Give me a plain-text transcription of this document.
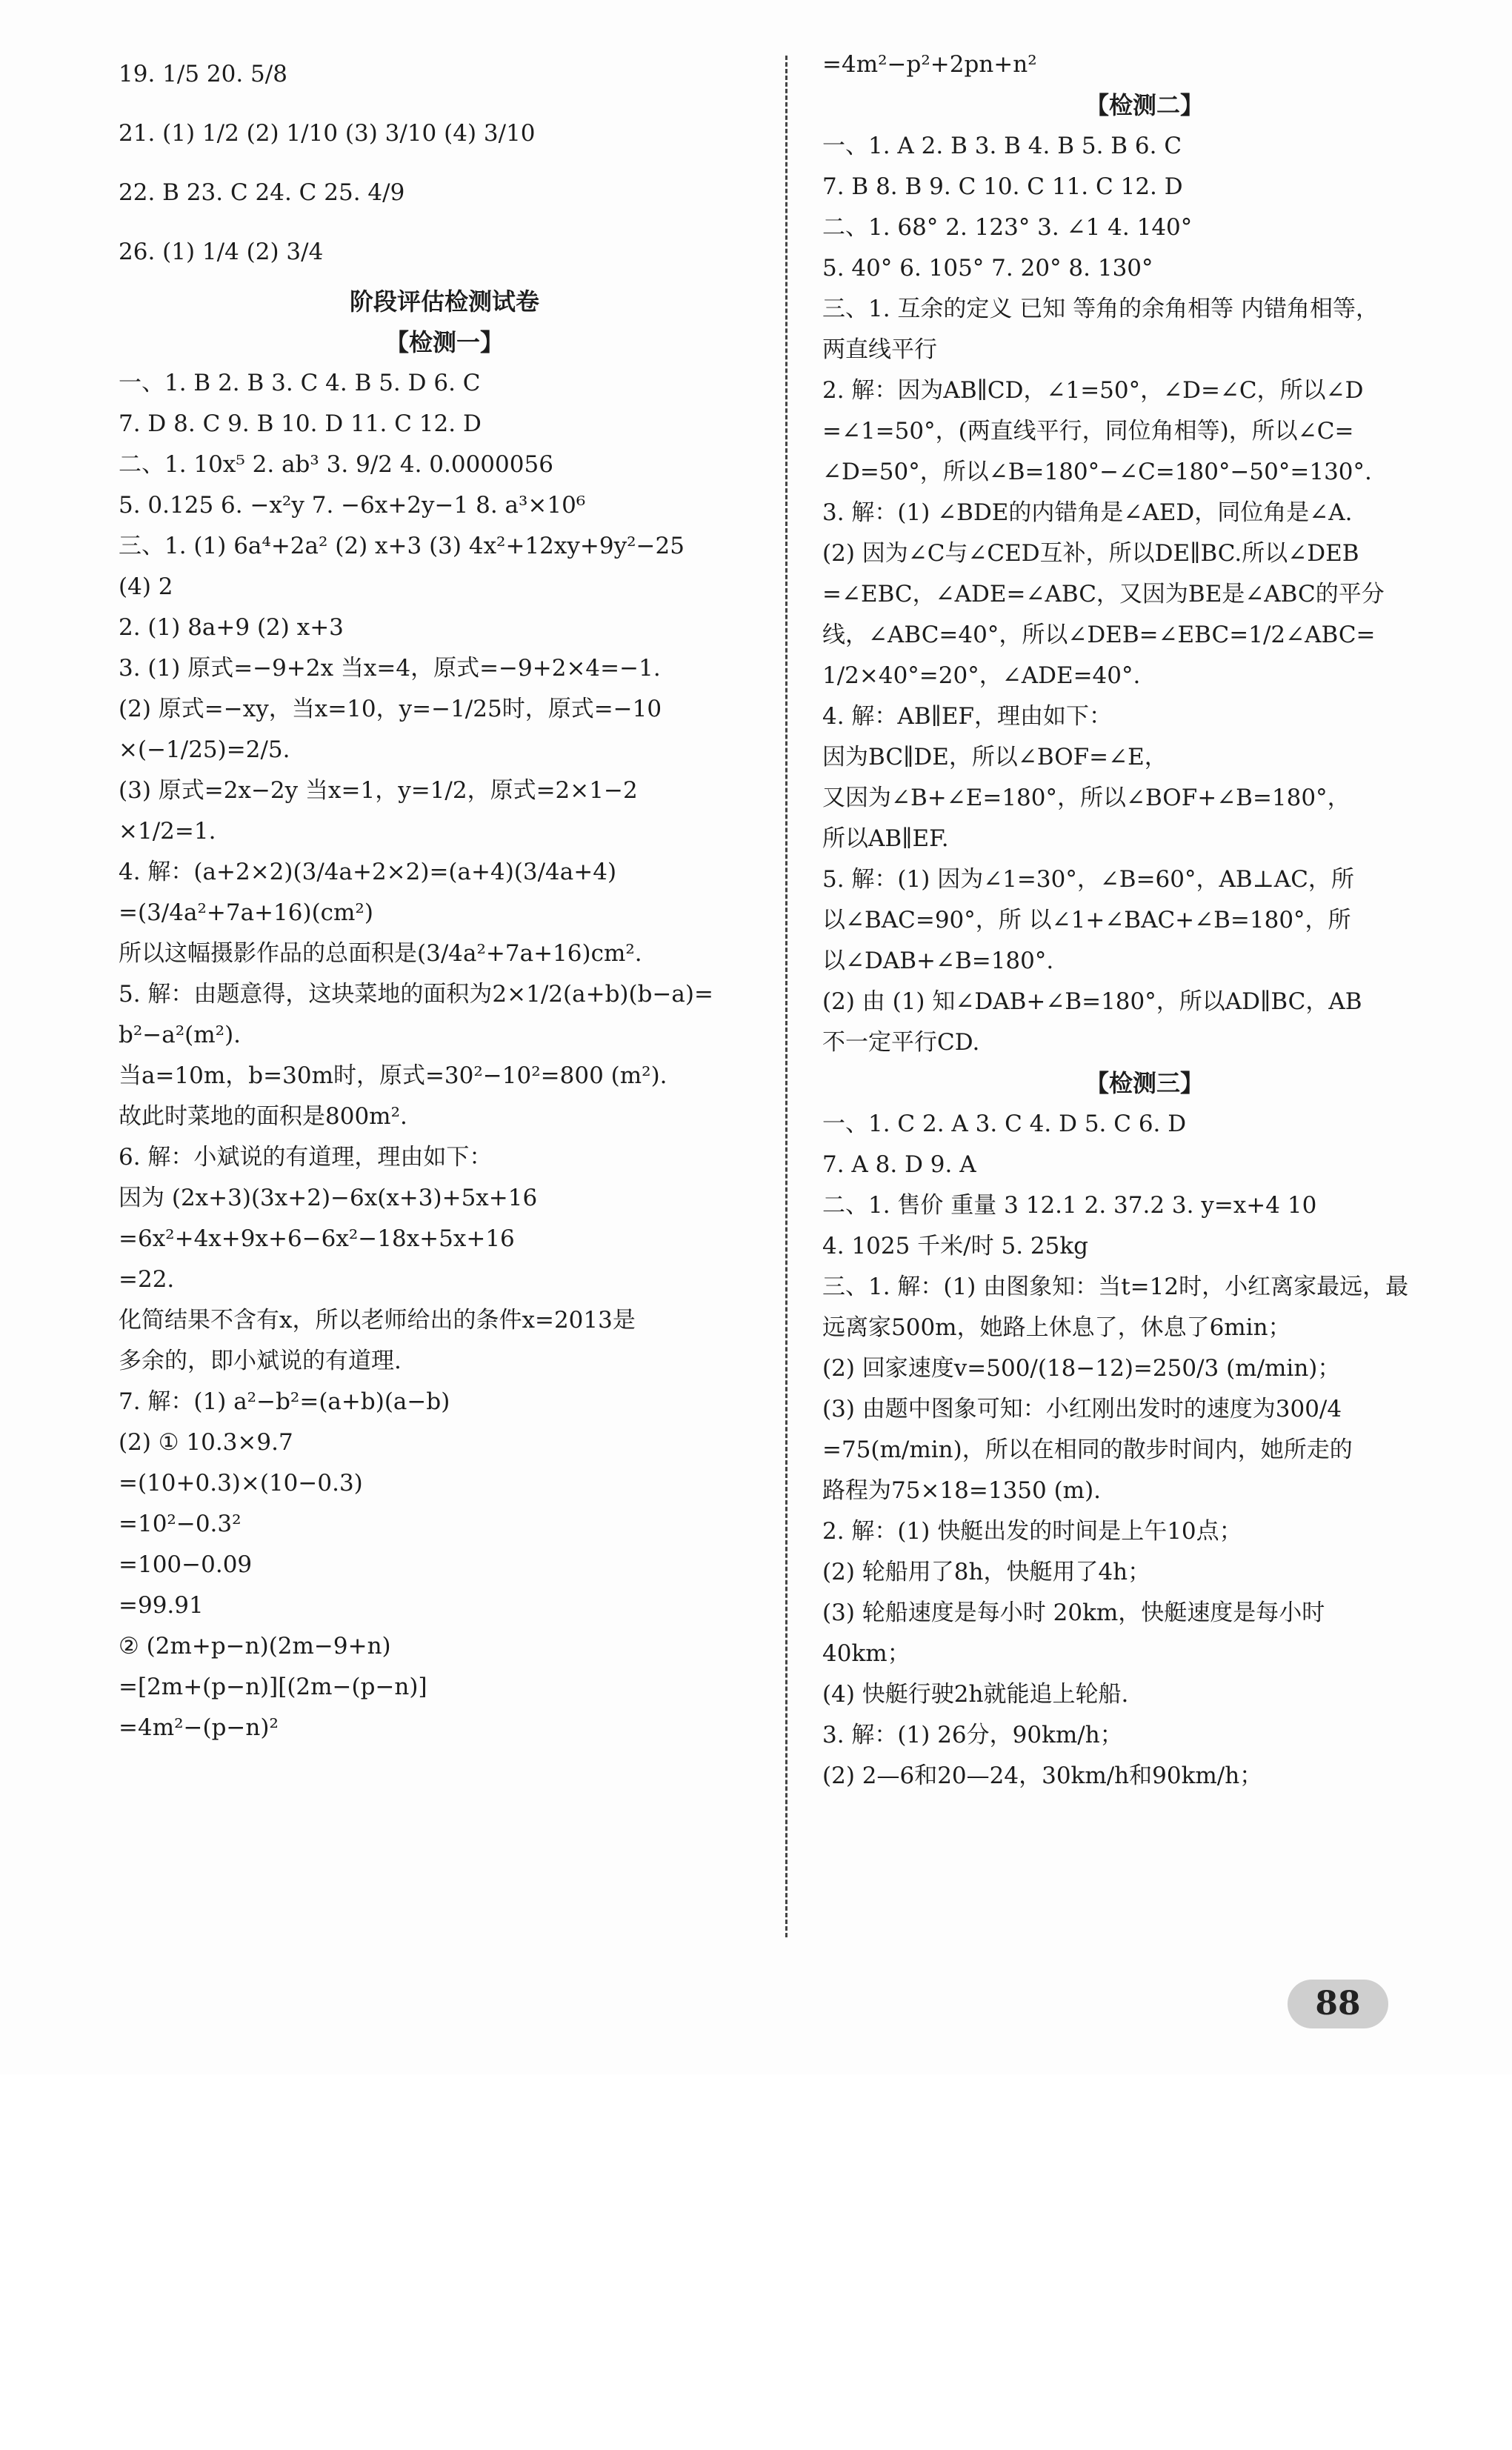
19. 1/5 20. 5/8
21. (1) 1/2 (2) 1/10 (3) 3/10 (4) 3/10
22. B 23. C 24. C 25. 4/9
26. (1) 1/4 (2) 3/4
阶段评估检测试卷
【检测一】
一、1. B 2. B 3. C 4. B 5. D 6. C
7. D 8. C 9. B 10. D 11. C 12. D
二、1. 10x⁵ 2. ab³ 3. 9/2 4. 0.0000056
5. 0.125 6. −x²y 7. −6x+2y−1 8. a³×10⁶
三、1. (1) 6a⁴+2a² (2) x+3 (3) 4x²+12xy+9y²−25
(4) 2
2. (1) 8a+9 (2) x+3
3. (1) 原式=−9+2x 当x=4，原式=−9+2×4=−1.
(2) 原式=−xy，当x=10，y=−1/25时，原式=−10
×(−1/25)=2/5.
(3) 原式=2x−2y 当x=1，y=1/2，原式=2×1−2
×1/2=1.
4. 解：(a+2×2)(3/4a+2×2)=(a+4)(3/4a+4)
=(3/4a²+7a+16)(cm²)
所以这幅摄影作品的总面积是(3/4a²+7a+16)cm².
5. 解：由题意得，这块菜地的面积为2×1/2(a+b)(b−a)=
b²−a²(m²).
当a=10m，b=30m时，原式=30²−10²=800 (m²).
故此时菜地的面积是800m².
6. 解：小斌说的有道理，理由如下：
因为 (2x+3)(3x+2)−6x(x+3)+5x+16
=6x²+4x+9x+6−6x²−18x+5x+16
=22.
化简结果不含有x，所以老师给出的条件x=2013是
多余的，即小斌说的有道理.
7. 解：(1) a²−b²=(a+b)(a−b)
(2) ① 10.3×9.7
=(10+0.3)×(10−0.3)
=10²−0.3²
=100−0.09
=99.91
② (2m+p−n)(2m−9+n)
=[2m+(p−n)][(2m−(p−n)]
=4m²−(p−n)²
=4m²−p²+2pn+n²
【检测二】
一、1. A 2. B 3. B 4. B 5. B 6. C
7. B 8. B 9. C 10. C 11. C 12. D
二、1. 68° 2. 123° 3. ∠1 4. 140°
5. 40° 6. 105° 7. 20° 8. 130°
三、1. 互余的定义 已知 等角的余角相等 内错角相等，
两直线平行
2. 解：因为AB∥CD，∠1=50°，∠D=∠C，所以∠D
=∠1=50°，(两直线平行，同位角相等)，所以∠C=
∠D=50°，所以∠B=180°−∠C=180°−50°=130°.
3. 解：(1) ∠BDE的内错角是∠AED，同位角是∠A.
(2) 因为∠C与∠CED互补，所以DE∥BC.所以∠DEB
=∠EBC，∠ADE=∠ABC，又因为BE是∠ABC的平分
线，∠ABC=40°，所以∠DEB=∠EBC=1/2∠ABC=
1/2×40°=20°，∠ADE=40°.
4. 解：AB∥EF，理由如下：
因为BC∥DE，所以∠BOF=∠E，
又因为∠B+∠E=180°，所以∠BOF+∠B=180°，
所以AB∥EF.
5. 解：(1) 因为∠1=30°，∠B=60°，AB⊥AC，所
以∠BAC=90°，所 以∠1+∠BAC+∠B=180°，所
以∠DAB+∠B=180°.
(2) 由 (1) 知∠DAB+∠B=180°，所以AD∥BC，AB
不一定平行CD.
【检测三】
一、1. C 2. A 3. C 4. D 5. C 6. D
7. A 8. D 9. A
二、1. 售价 重量 3 12.1 2. 37.2 3. y=x+4 10
4. 1025 千米/时 5. 25kg
三、1. 解：(1) 由图象知：当t=12时，小红离家最远，最
远离家500m，她路上休息了，休息了6min；
(2) 回家速度v=500/(18−12)=250/3 (m/min)；
(3) 由题中图象可知：小红刚出发时的速度为300/4
=75(m/min)，所以在相同的散步时间内，她所走的
路程为75×18=1350 (m).
2. 解：(1) 快艇出发的时间是上午10点；
(2) 轮船用了8h，快艇用了4h；
(3) 轮船速度是每小时 20km，快艇速度是每小时
40km；
(4) 快艇行驶2h就能追上轮船.
3. 解：(1) 26分，90km/h；
(2) 2—6和20—24，30km/h和90km/h；
88
